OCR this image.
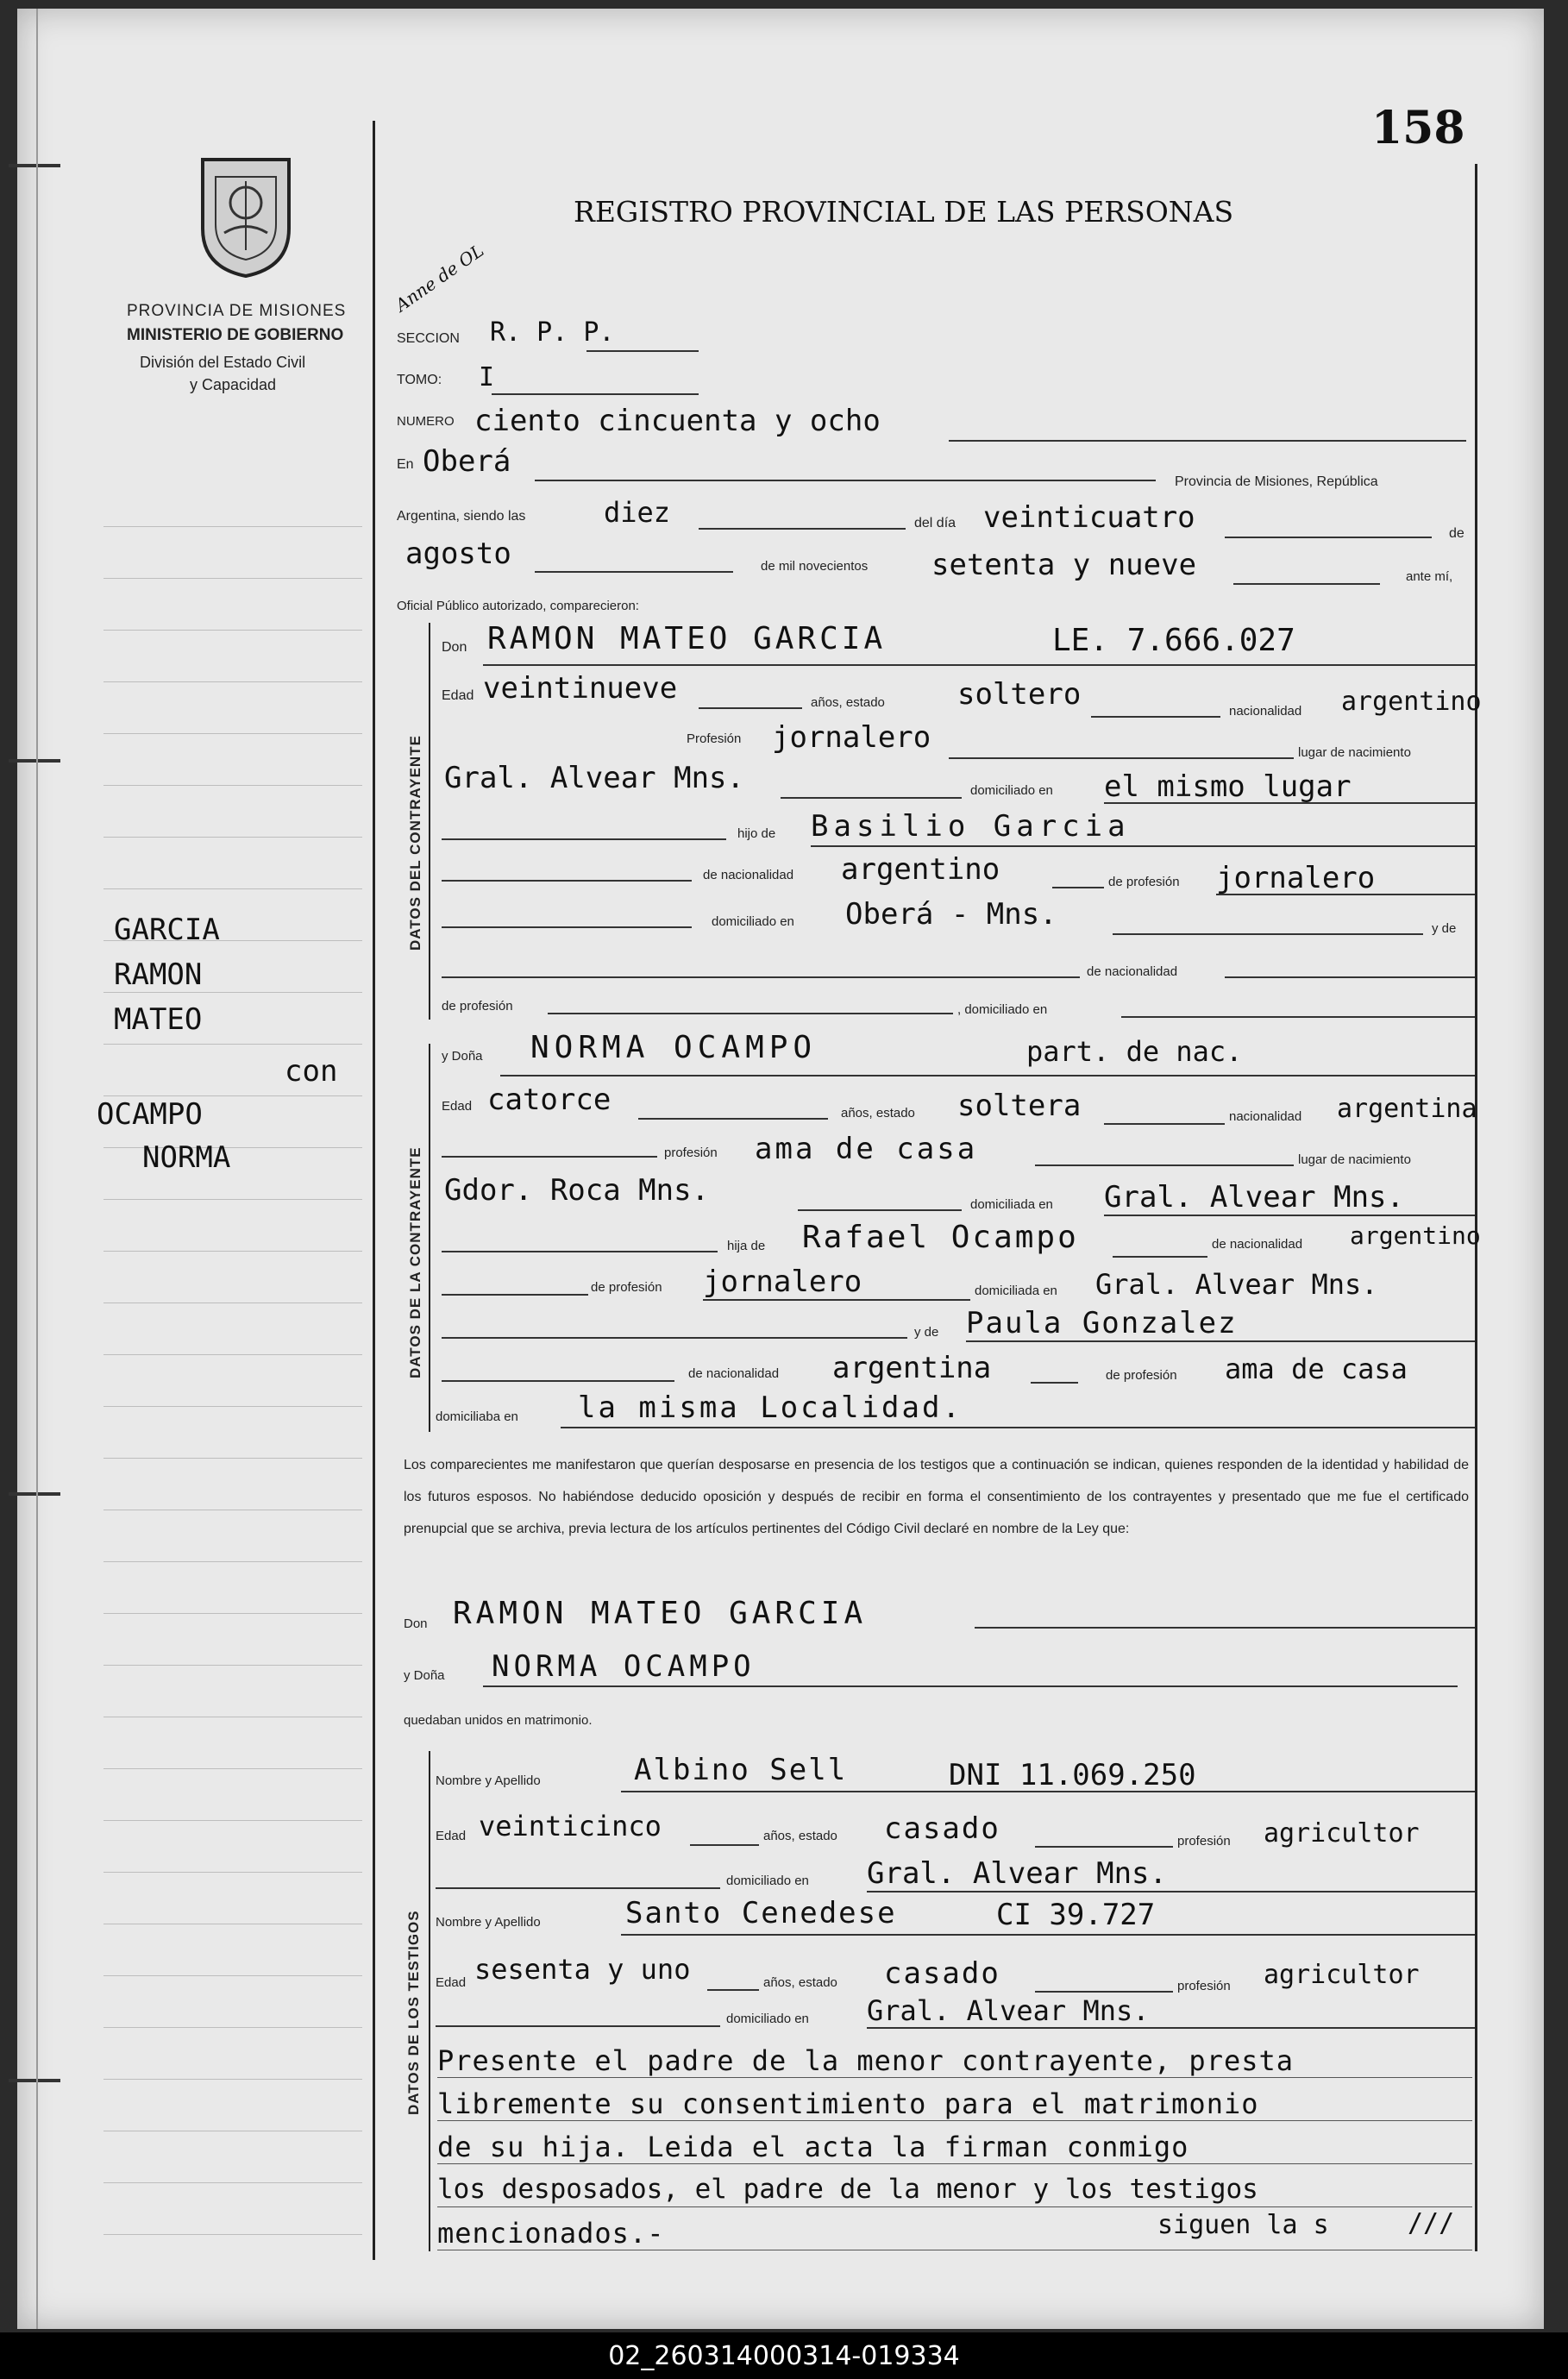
158
PROVINCIA DE MISIONES
MINISTERIO DE GOBIERNO
División del Estado Civil
y Capacidad
REGISTRO PROVINCIAL DE LAS PERSONAS
GARCIA
RAMON
MATEO
con
OCAMPO
NORMA
Anne de OL
SECCION R. P. P.
TOMO: I
NUMERO ciento cincuenta y ocho
En Oberá
Provincia de Misiones, República
Argentina, siendo las	diez	del día veinticuatro	de
agosto	de mil novecientos setenta y nueve	ante mí,
Oficial Público autorizado, comparecieron:
DATOS DEL CONTRAYENTE
Don RAMON MATEO GARCIA	LE. 7.666.027
Edad veintinueve	años, estado soltero	nacionalidad argentino
Profesión jornalero	lugar de nacimiento
Gral. Alvear Mns.	domiciliado en el mismo lugar
hijo de Basilio Garcia
de nacionalidad argentino	de profesión jornalero
domiciliado en Oberá - Mns.	y de
de nacionalidad
de profesión	, domiciliado en
DATOS DE LA CONTRAYENTE
y Doña NORMA OCAMPO	part. de nac.
Edad catorce	años, estado soltera	nacionalidad argentina
profesión ama de casa	lugar de nacimiento
Gdor. Roca Mns.	domiciliada en Gral. Alvear Mns.
hija de Rafael Ocampo	de nacionalidad argentino
de profesión jornalero	domiciliada en Gral. Alvear Mns.
y de Paula Gonzalez
de nacionalidad argentina	de profesión ama de casa
domiciliaba en la misma Localidad.
Los comparecientes me manifestaron que querían desposarse en presencia de los testigos que a continuación se indican, quienes responden de la identidad y habilidad de los futuros esposos. No habiéndose deducido oposición y después de recibir en forma el consentimiento de los contrayentes y presentado que me fue el certificado prenupcial que se archiva, previa lectura de los artículos pertinentes del Código Civil declaré en nombre de la Ley que:
Don RAMON MATEO GARCIA
y Doña NORMA OCAMPO
quedaban unidos en matrimonio.
DATOS DE LOS TESTIGOS
Nombre y Apellido	Albino Sell	DNI 11.069.250
Edad veinticinco	años, estado casado	profesión agricultor
domiciliado en Gral. Alvear Mns.
Nombre y Apellido	Santo Cenedese	CI 39.727
Edad sesenta y uno	años, estado casado	profesión agricultor
domiciliado en Gral. Alvear Mns.
Presente el padre de la menor contrayente, presta
libremente su consentimiento para el matrimonio
de su hija. Leida el acta la firman conmigo
los desposados, el padre de la menor y los testigos
mencionados.-	siguen la s	///
02_260314000314-019334
